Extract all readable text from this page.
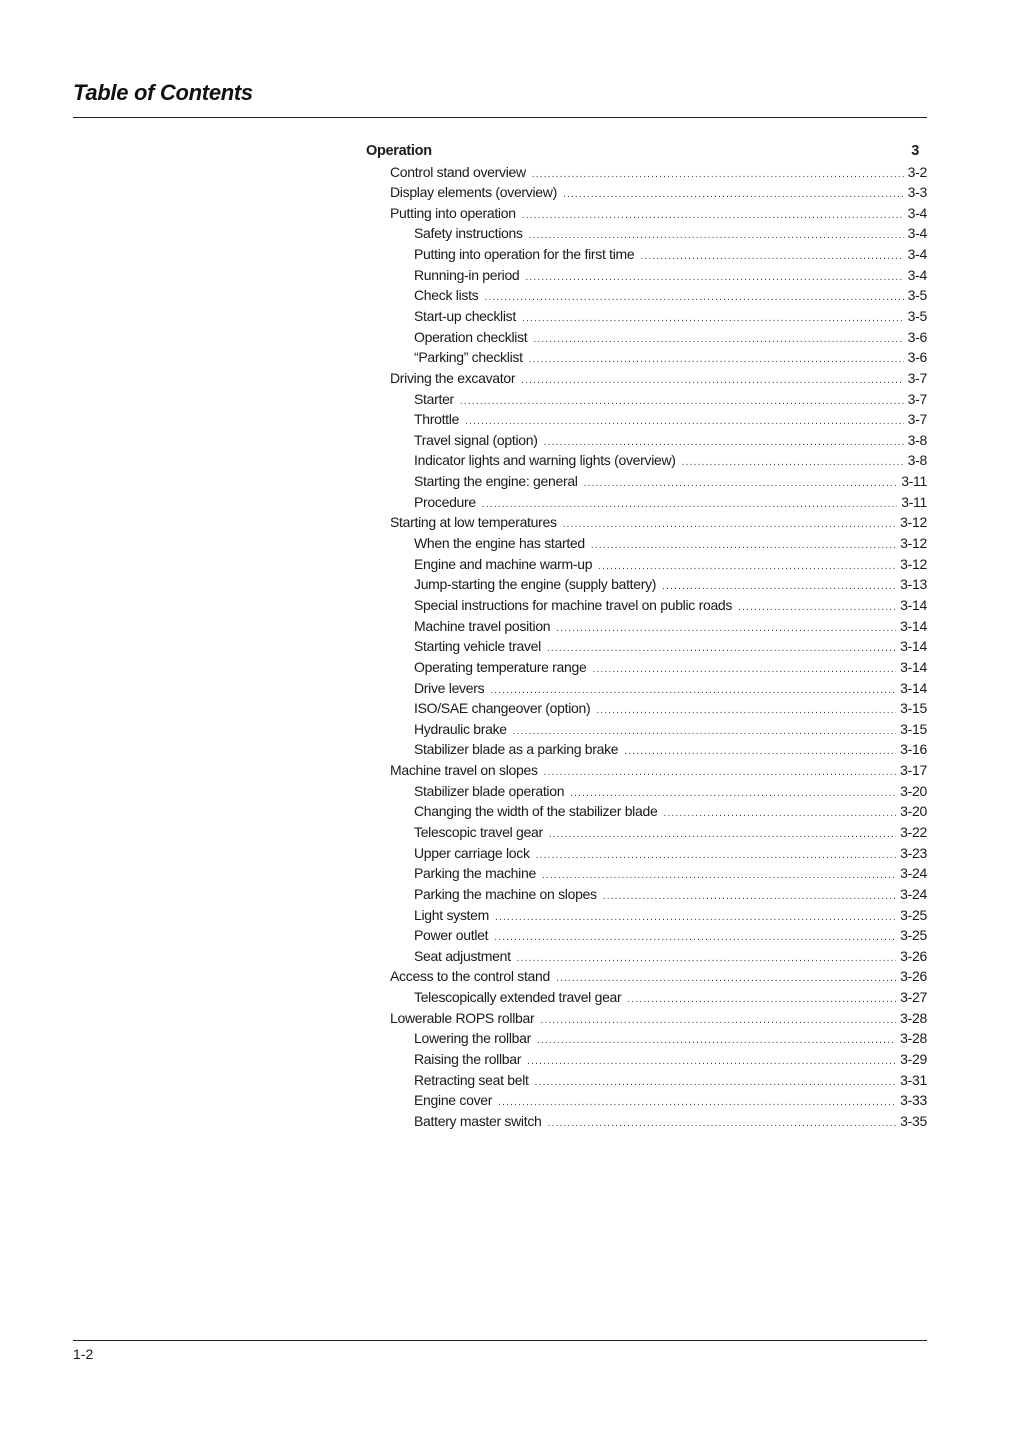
Table of Contents
Operation	3
Control stand overview .....	3-2
Display elements (overview) .....	3-3
Putting into operation .....	3-4
Safety instructions .....	3-4
Putting into operation for the first time .....	3-4
Running-in period .....	3-4
Check lists .....	3-5
Start-up checklist .....	3-5
Operation checklist .....	3-6
“Parking” checklist .....	3-6
Driving the excavator .....	3-7
Starter .....	3-7
Throttle .....	3-7
Travel signal (option) .....	3-8
Indicator lights and warning lights (overview) .....	3-8
Starting the engine: general .....	3-11
Procedure .....	3-11
Starting at low temperatures .....	3-12
When the engine has started .....	3-12
Engine and machine warm-up .....	3-12
Jump-starting the engine (supply battery) .....	3-13
Special instructions for machine travel on public roads .....	3-14
Machine travel position .....	3-14
Starting vehicle travel .....	3-14
Operating temperature range .....	3-14
Drive levers .....	3-14
ISO/SAE changeover (option) .....	3-15
Hydraulic brake .....	3-15
Stabilizer blade as a parking brake .....	3-16
Machine travel on slopes .....	3-17
Stabilizer blade operation .....	3-20
Changing the width of the stabilizer blade .....	3-20
Telescopic travel gear .....	3-22
Upper carriage lock .....	3-23
Parking the machine .....	3-24
Parking the machine on slopes .....	3-24
Light system .....	3-25
Power outlet .....	3-25
Seat adjustment .....	3-26
Access to the control stand .....	3-26
Telescopically extended travel gear .....	3-27
Lowerable ROPS rollbar .....	3-28
Lowering the rollbar .....	3-28
Raising the rollbar .....	3-29
Retracting seat belt .....	3-31
Engine cover .....	3-33
Battery master switch .....	3-35
1-2
